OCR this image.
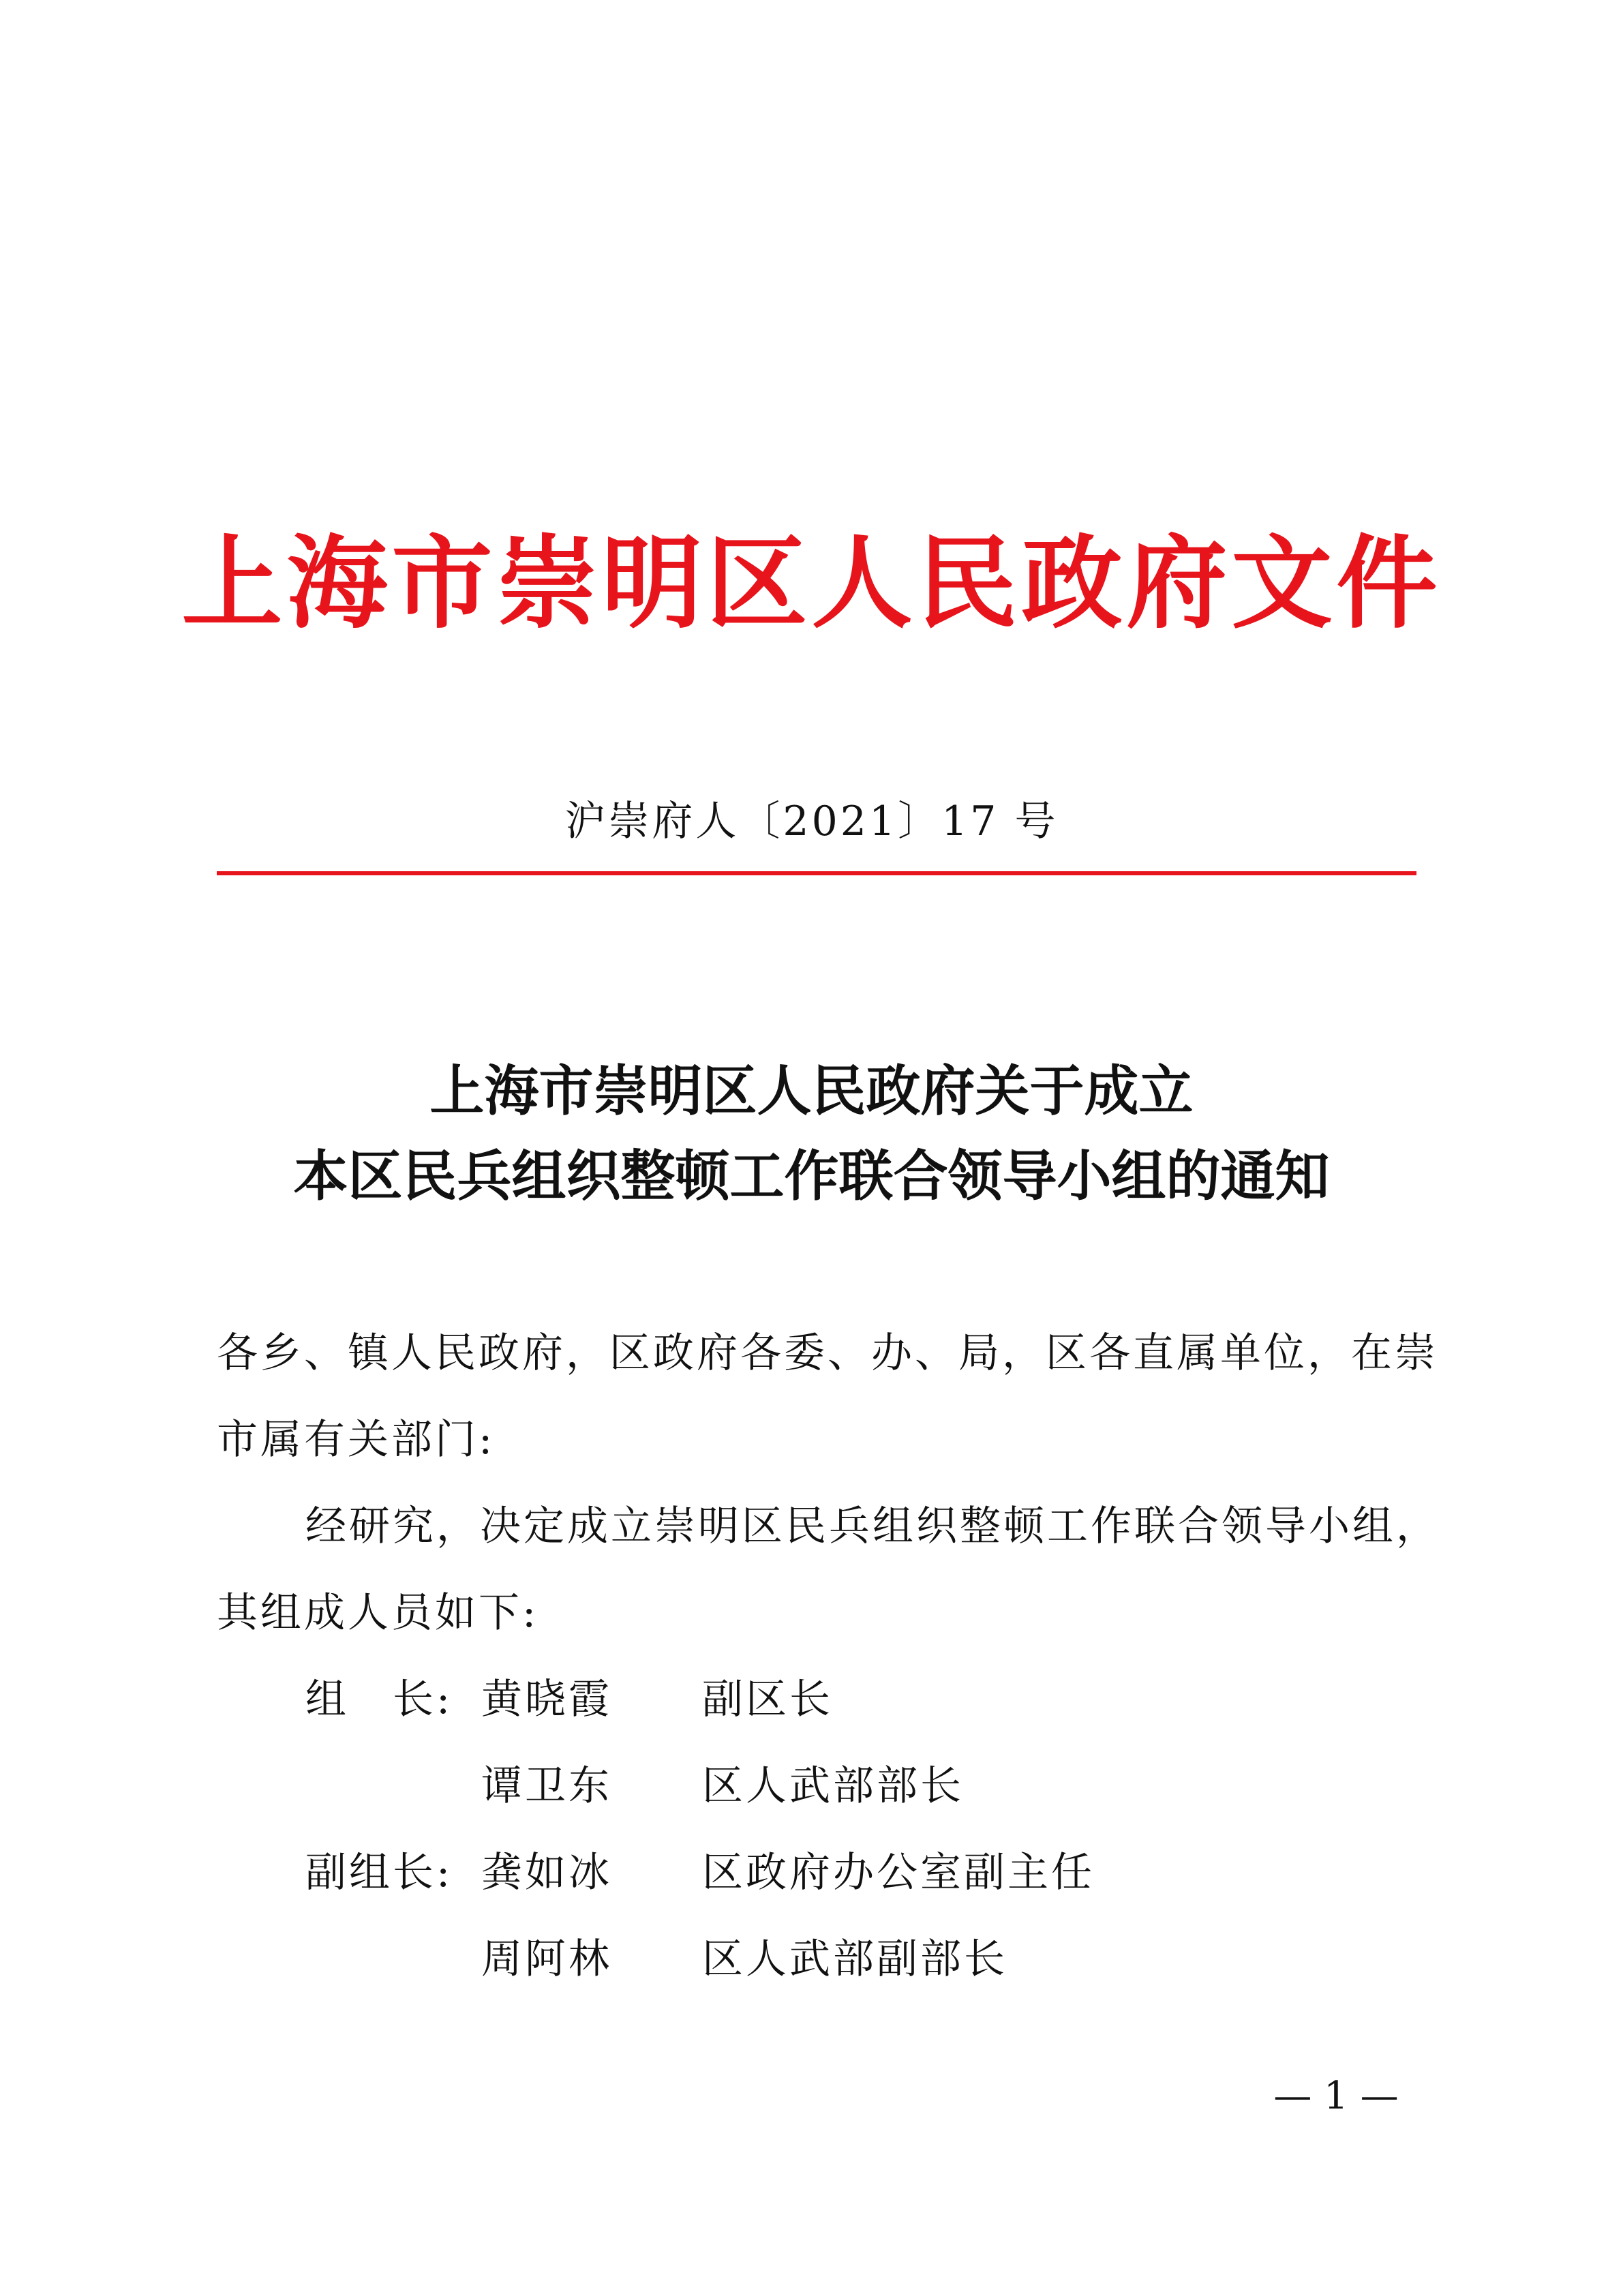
上海市崇明区人民政府文件
沪崇府人〔2021〕17 号
上海市崇明区人民政府关于成立
本区民兵组织整顿工作联合领导小组的通知
各乡、镇人民政府，区政府各委、办、局，区各直属单位，在崇
市属有关部门:
经研究，决定成立崇明区民兵组织整顿工作联合领导小组，
其组成人员如下:
组　长: 黄晓霞	副区长
谭卫东	区人武部部长
副组长: 龚如冰	区政府办公室副主任
周阿林	区人武部副部长
— 1 —
